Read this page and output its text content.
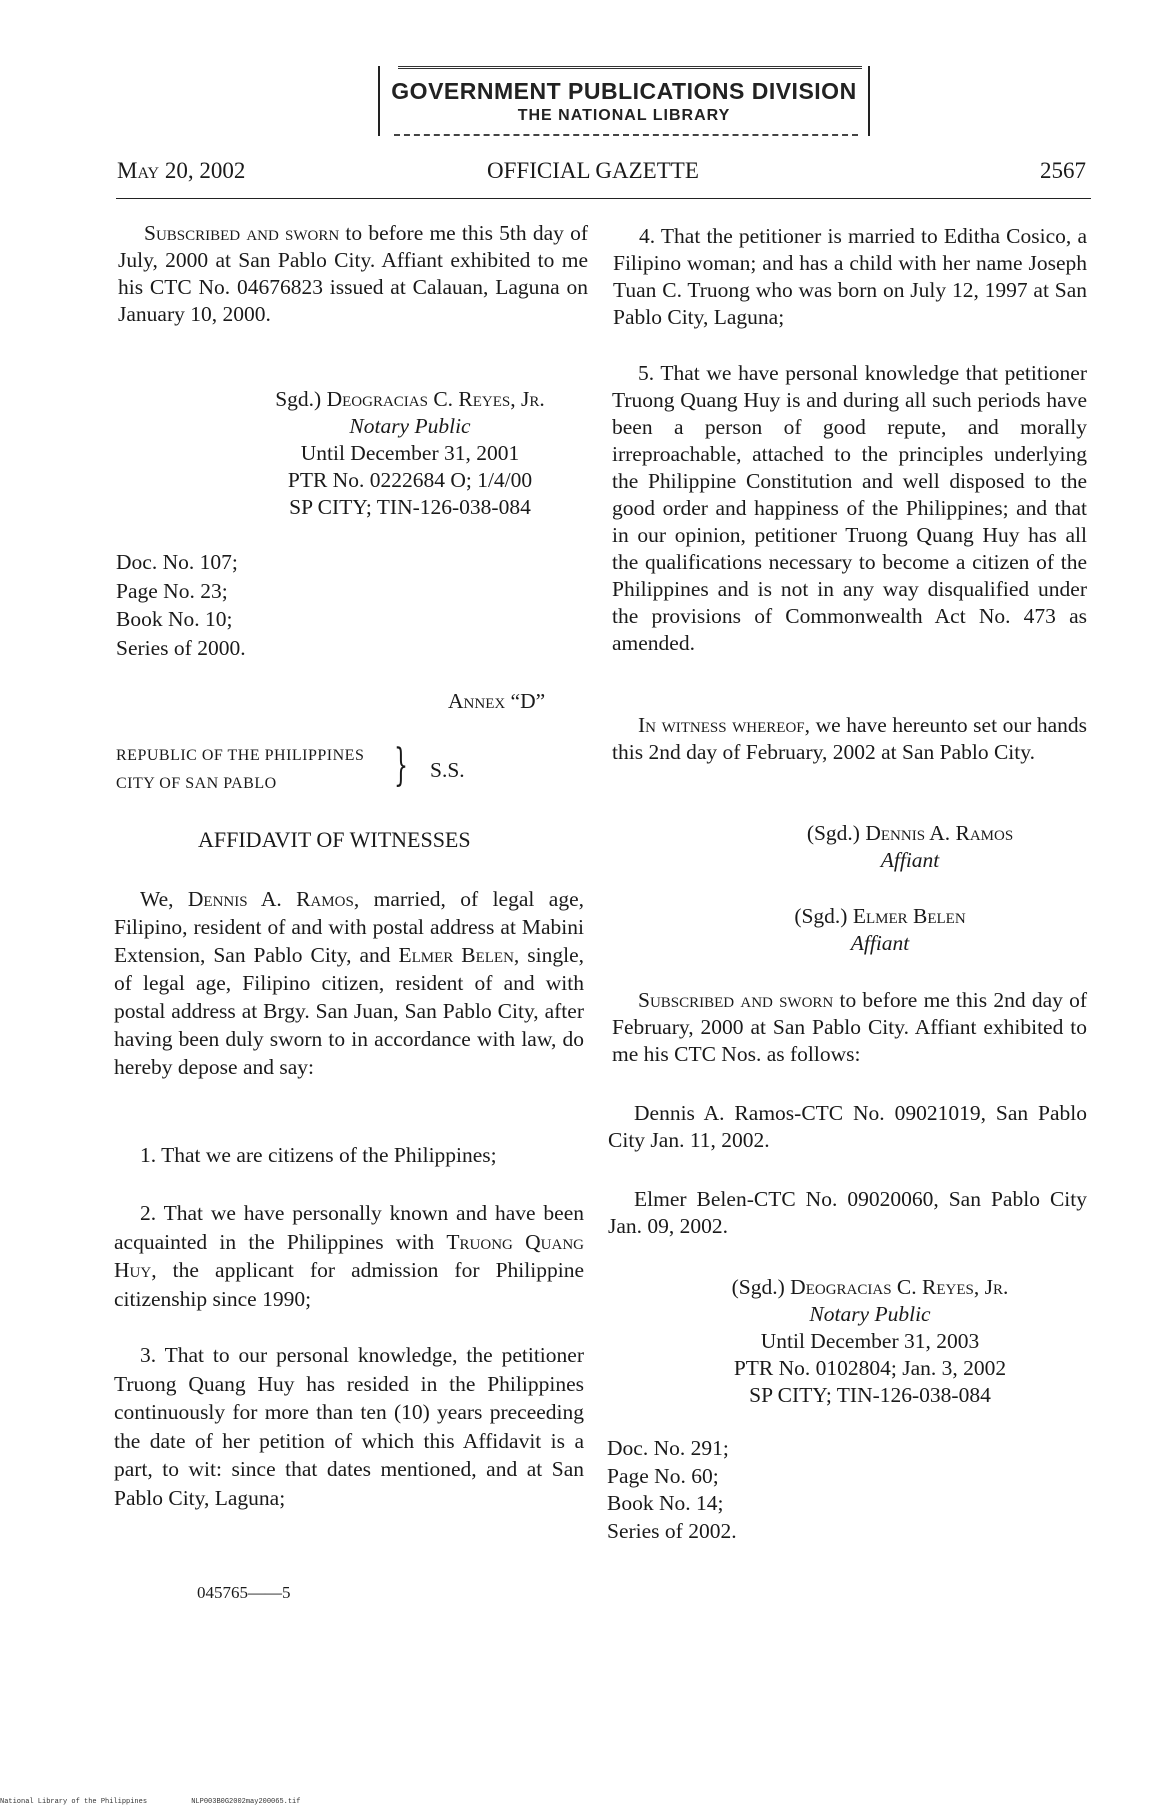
GOVERNMENT PUBLICATIONS DIVISION
THE NATIONAL LIBRARY
May 20, 2002	OFFICIAL GAZETTE	2567

Subscribed and sworn to before me this 5th day of July, 2000 at San Pablo City. Affiant exhibited to me his CTC No. 04676823 issued at Calauan, Laguna on January 10, 2000.

Sgd.) Deogracias C. Reyes, Jr.
Notary Public
Until December 31, 2001
PTR No. 0222684 O; 1/4/00
SP CITY; TIN-126-038-084
Doc. No. 107;
Page No. 23;
Book No. 10;
Series of 2000.
Annex “D”
REPUBLIC OF THE PHILIPPINES
CITY OF SAN PABLO	} S.S.
AFFIDAVIT OF WITNESSES

We, Dennis A. Ramos, married, of legal age, Filipino, resident of and with postal address at Mabini Extension, San Pablo City, and Elmer Belen, single, of legal age, Filipino citizen, resident of and with postal address at Brgy. San Juan, San Pablo City, after having been duly sworn to in accordance with law, do hereby depose and say:

1. That we are citizens of the Philippines;

2. That we have personally known and have been acquainted in the Philippines with Truong Quang Huy, the applicant for admission for Philippine citizenship since 1990;

3. That to our personal knowledge, the petitioner Truong Quang Huy has resided in the Philippines continuously for more than ten (10) years preceeding the date of her petition of which this Affidavit is a part, to wit: since that dates mentioned, and at San Pablo City, Laguna;

045765——5

4. That the petitioner is married to Editha Cosico, a Filipino woman; and has a child with her name Joseph Tuan C. Truong who was born on July 12, 1997 at San Pablo City, Laguna;

5. That we have personal knowledge that petitioner Truong Quang Huy is and during all such periods have been a person of good repute, and morally irreproachable, attached to the principles underlying the Philippine Constitution and well disposed to the good order and happiness of the Philippines; and that in our opinion, petitioner Truong Quang Huy has all the qualifications necessary to become a citizen of the Philippines and is not in any way disqualified under the provisions of Commonwealth Act No. 473 as amended.

In witness whereof, we have hereunto set our hands this 2nd day of February, 2002 at San Pablo City.

(Sgd.) Dennis A. Ramos
Affiant
(Sgd.) Elmer Belen
Affiant

Subscribed and sworn to before me this 2nd day of February, 2000 at San Pablo City. Affiant exhibited to me his CTC Nos. as follows:

Dennis A. Ramos-CTC No. 09021019, San Pablo City Jan. 11, 2002.

Elmer Belen-CTC No. 09020060, San Pablo City Jan. 09, 2002.

(Sgd.) Deogracias C. Reyes, Jr.
Notary Public
Until December 31, 2003
PTR No. 0102804; Jan. 3, 2002
SP CITY; TIN-126-038-084
Doc. No. 291;
Page No. 60;
Book No. 14;
Series of 2002.
National Library of the Philippines	NLP003B0G2002may200065.tif
